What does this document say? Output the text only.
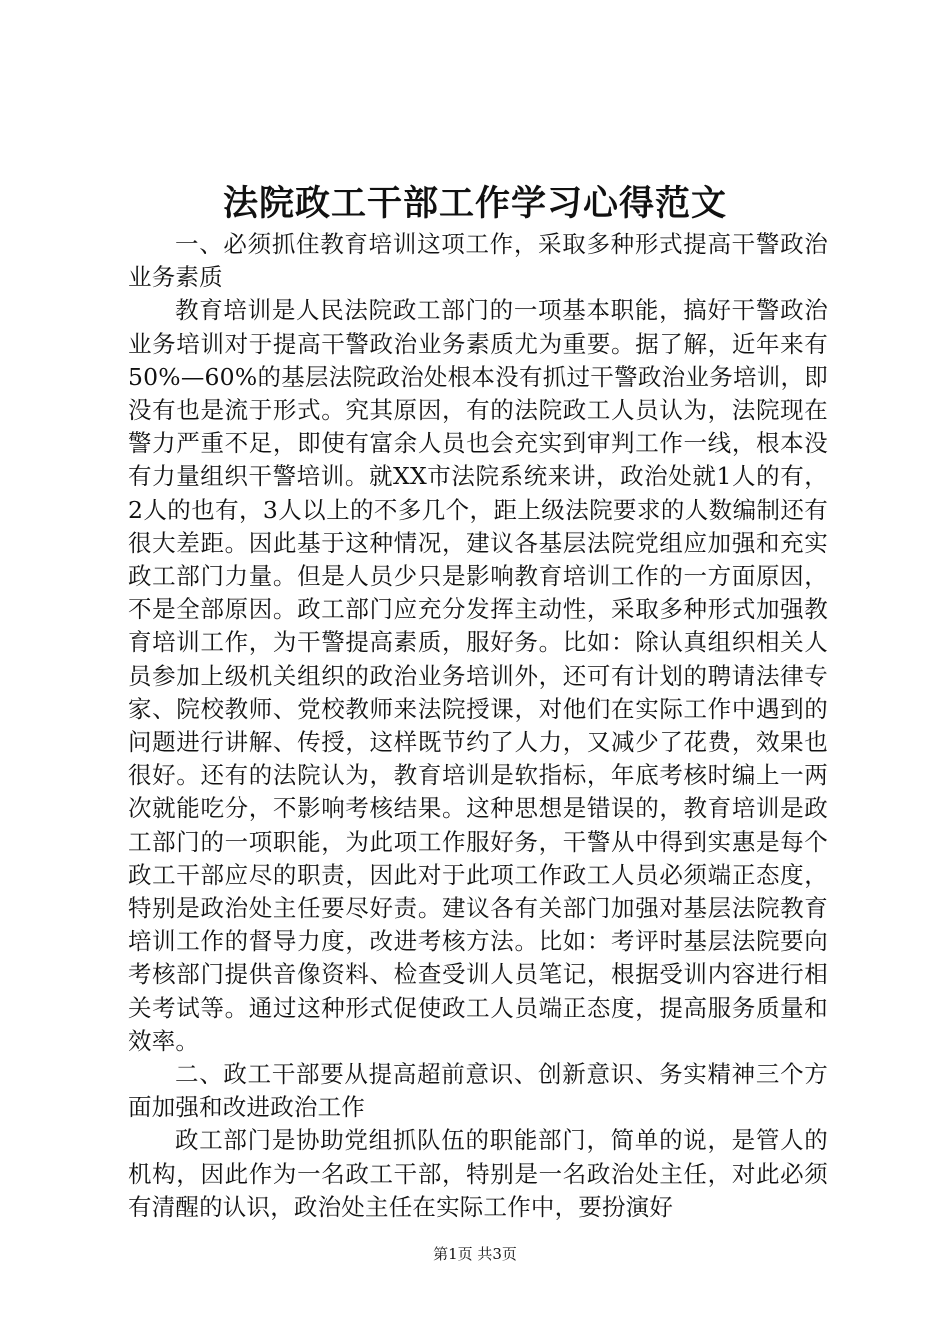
法院政工干部工作学习心得范文

一、必须抓住教育培训这项工作，采取多种形式提高干警政治业务素质

教育培训是人民法院政工部门的一项基本职能，搞好干警政治业务培训对于提高干警政治业务素质尤为重要。据了解，近年来有50%—60%的基层法院政治处根本没有抓过干警政治业务培训，即没有也是流于形式。究其原因，有的法院政工人员认为，法院现在警力严重不足，即使有富余人员也会充实到审判工作一线，根本没有力量组织干警培训。就XX市法院系统来讲，政治处就1人的有，2人的也有，3人以上的不多几个，距上级法院要求的人数编制还有很大差距。因此基于这种情况，建议各基层法院党组应加强和充实政工部门力量。但是人员少只是影响教育培训工作的一方面原因，不是全部原因。政工部门应充分发挥主动性，采取多种形式加强教育培训工作，为干警提高素质，服好务。比如：除认真组织相关人员参加上级机关组织的政治业务培训外，还可有计划的聘请法律专家、院校教师、党校教师来法院授课，对他们在实际工作中遇到的问题进行讲解、传授，这样既节约了人力，又减少了花费，效果也很好。还有的法院认为，教育培训是软指标，年底考核时编上一两次就能吃分，不影响考核结果。这种思想是错误的，教育培训是政工部门的一项职能，为此项工作服好务，干警从中得到实惠是每个政工干部应尽的职责，因此对于此项工作政工人员必须端正态度，特别是政治处主任要尽好责。建议各有关部门加强对基层法院教育培训工作的督导力度，改进考核方法。比如：考评时基层法院要向考核部门提供音像资料、检查受训人员笔记，根据受训内容进行相关考试等。通过这种形式促使政工人员端正态度，提高服务质量和效率。

二、政工干部要从提高超前意识、创新意识、务实精神三个方面加强和改进政治工作

政工部门是协助党组抓队伍的职能部门，简单的说，是管人的机构，因此作为一名政工干部，特别是一名政治处主任，对此必须有清醒的认识，政治处主任在实际工作中，要扮演好

第1页 共3页
